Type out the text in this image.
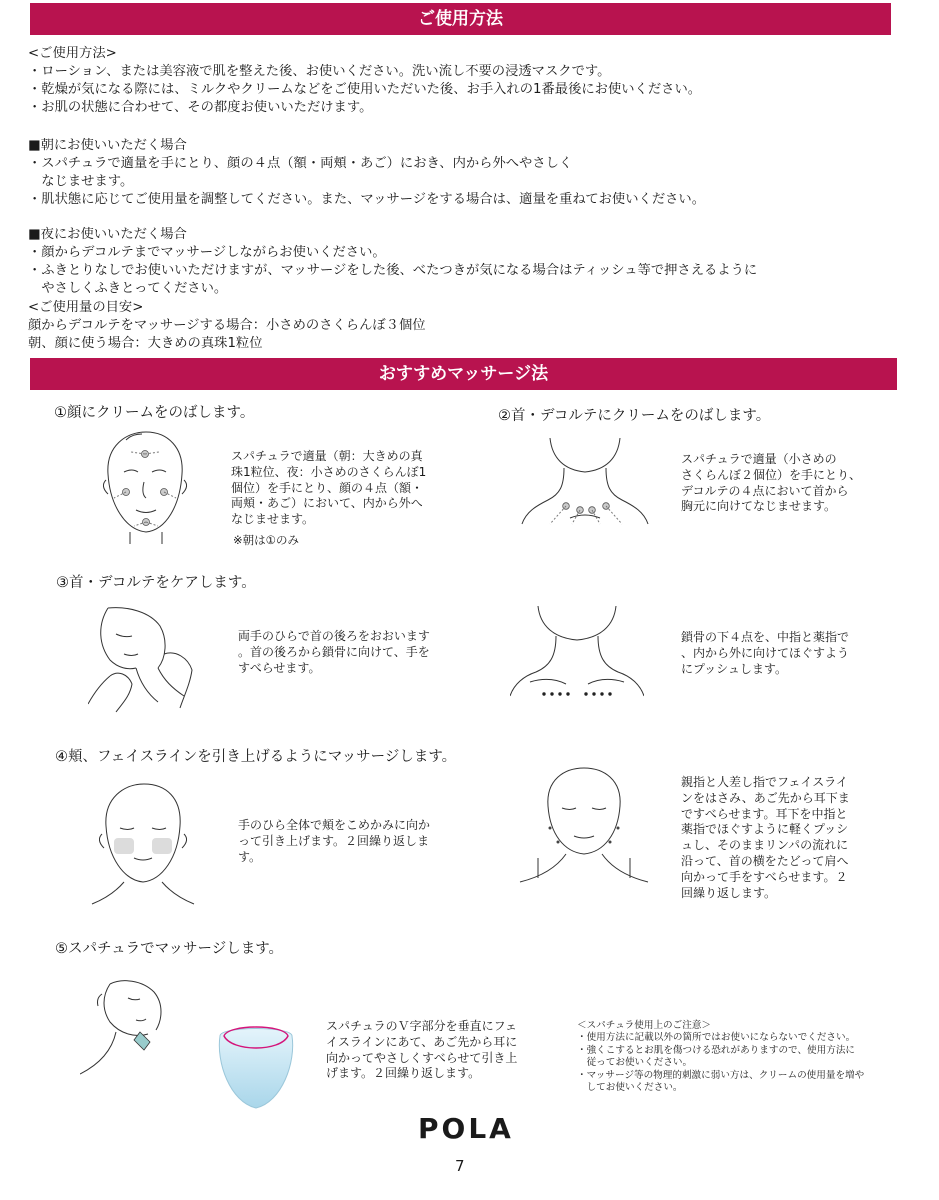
ご使用方法

<ご使用方法>

・ローション、または美容液で肌を整えた後、お使いください。洗い流し不要の浸透マスクです。

・乾燥が気になる際には、ミルクやクリームなどをご使用いただいた後、お手入れの1番最後にお使いください。

・お肌の状態に合わせて、その都度お使いいただけます。

■朝にお使いいただく場合

・スパチュラで適量を手にとり、顔の４点（額・両頬・あご）におき、内から外へやさしく

　なじませます。

・肌状態に応じてご使用量を調整してください。また、マッサージをする場合は、適量を重ねてお使いください。

■夜にお使いいただく場合

・顔からデコルテまでマッサージしながらお使いください。

・ふきとりなしでお使いいただけますが、マッサージをした後、べたつきが気になる場合はティッシュ等で押さえるように

　やさしくふきとってください。

<ご使用量の目安>

顔からデコルテをマッサージする場合：小さめのさくらんぼ３個位

朝、顔に使う場合：大きめの真珠1粒位

おすすめマッサージ法
①顔にクリームをのばします。
スパチュラで適量（朝：大きめの真
珠1粒位、夜：小さめのさくらんぼ1
個位）を手にとり、顔の４点（額・
両頬・あご）において、内から外へ
なじませます。
※朝は①のみ
②首・デコルテにクリームをのばします。
スパチュラで適量（小さめの
さくらんぼ２個位）を手にとり、
デコルテの４点において首から
胸元に向けてなじませます。
③首・デコルテをケアします。
両手のひらで首の後ろをおおいます
。首の後ろから鎖骨に向けて、手を
すべらせます。
鎖骨の下４点を、中指と薬指で
、内から外に向けてほぐすよう
にプッシュします。
④頬、フェイスラインを引き上げるようにマッサージします。
手のひら全体で頬をこめかみに向か
って引き上げます。２回繰り返しま
す。
親指と人差し指でフェイスライ
ンをはさみ、あご先から耳下ま
ですべらせます。耳下を中指と
薬指でほぐすように軽くプッシ
ュし、そのままリンパの流れに
沿って、首の横をたどって肩へ
向かって手をすべらせます。２
回繰り返します。
⑤スパチュラでマッサージします。
スパチュラのＶ字部分を垂直にフェ
イスラインにあて、あご先から耳に
向かってやさしくすべらせて引き上
げます。２回繰り返します。
＜スパチュラ使用上のご注意＞
・使用方法に記載以外の箇所ではお使いにならないでください。
・強くこするとお肌を傷つける恐れがありますので、使用方法に
　従ってお使いください。
・マッサージ等の物理的刺激に弱い方は、クリームの使用量を増や
　してお使いください。
POLA
7
